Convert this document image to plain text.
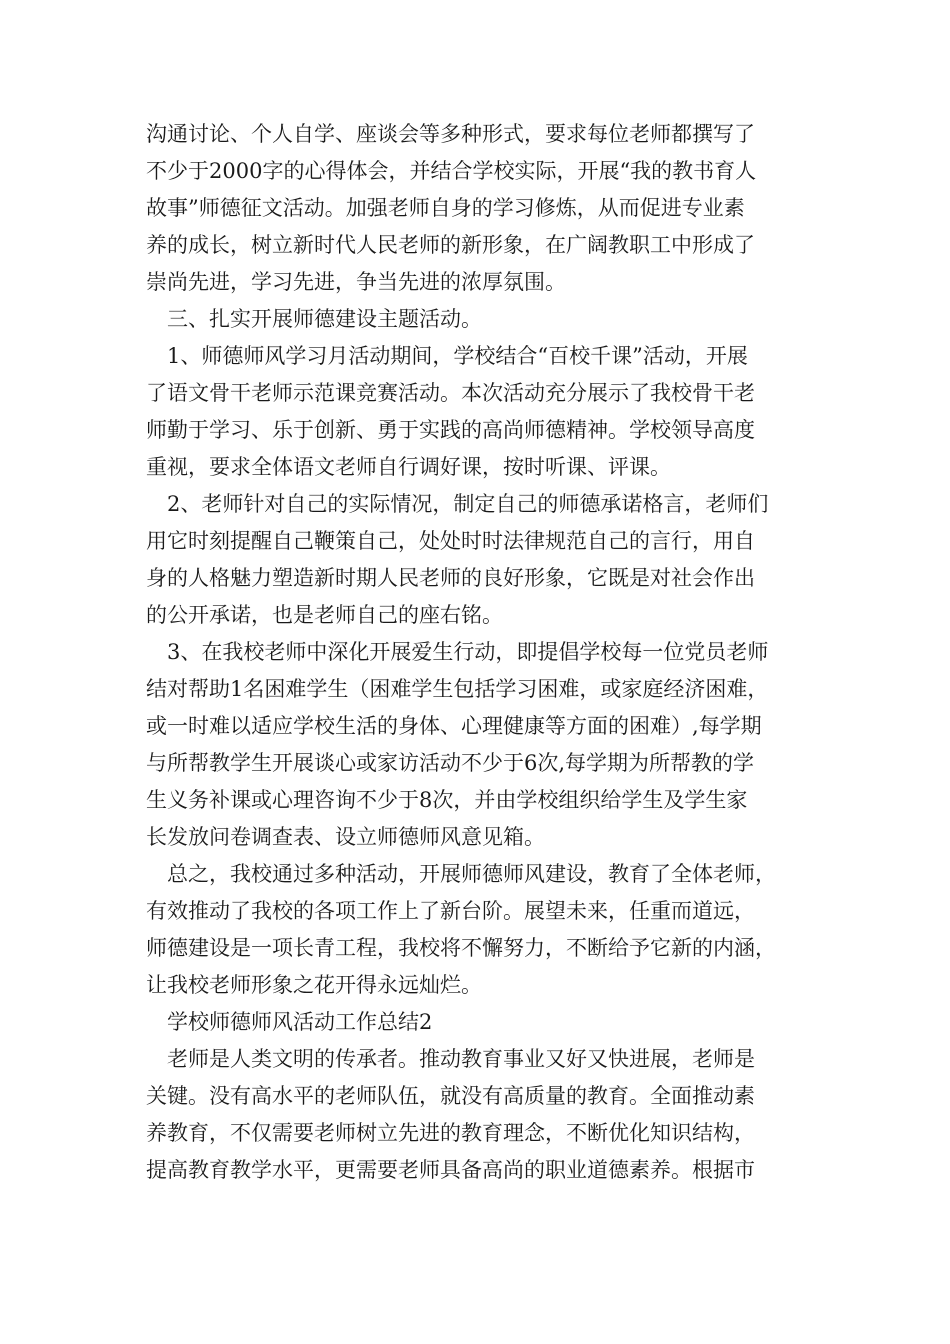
沟通讨论、个人自学、座谈会等多种形式，要求每位老师都撰写了
不少于2000字的心得体会，并结合学校实际，开展“我的教书育人
故事”师德征文活动。加强老师自身的学习修炼，从而促进专业素
养的成长，树立新时代人民老师的新形象，在广阔教职工中形成了
崇尚先进，学习先进，争当先进的浓厚氛围。
三、扎实开展师德建设主题活动。
1、师德师风学习月活动期间，学校结合“百校千课”活动，开展
了语文骨干老师示范课竞赛活动。本次活动充分展示了我校骨干老
师勤于学习、乐于创新、勇于实践的高尚师德精神。学校领导高度
重视，要求全体语文老师自行调好课，按时听课、评课。
2、老师针对自己的实际情况，制定自己的师德承诺格言，老师们
用它时刻提醒自己鞭策自己，处处时时法律规范自己的言行，用自
身的人格魅力塑造新时期人民老师的良好形象，它既是对社会作出
的公开承诺，也是老师自己的座右铭。
3、在我校老师中深化开展爱生行动，即提倡学校每一位党员老师
结对帮助1名困难学生（困难学生包括学习困难，或家庭经济困难，
或一时难以适应学校生活的身体、心理健康等方面的困难）,每学期
与所帮教学生开展谈心或家访活动不少于6次,每学期为所帮教的学
生义务补课或心理咨询不少于8次，并由学校组织给学生及学生家
长发放问卷调查表、设立师德师风意见箱。
总之，我校通过多种活动，开展师德师风建设，教育了全体老师，
有效推动了我校的各项工作上了新台阶。展望未来，任重而道远，
师德建设是一项长青工程，我校将不懈努力，不断给予它新的内涵，
让我校老师形象之花开得永远灿烂。
学校师德师风活动工作总结2
老师是人类文明的传承者。推动教育事业又好又快进展，老师是
关键。没有高水平的老师队伍，就没有高质量的教育。全面推动素
养教育，不仅需要老师树立先进的教育理念，不断优化知识结构，
提高教育教学水平，更需要老师具备高尚的职业道德素养。根据市
